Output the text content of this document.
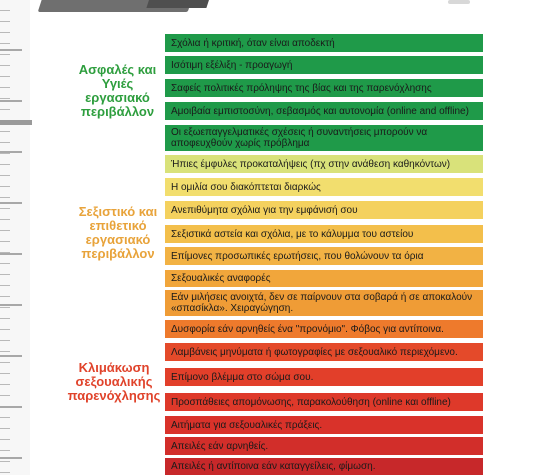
Ασφαλές και
Υγιές
εργασιακό
περιβάλλον
Σεξιστικό και
επιθετικό
εργασιακό
περιβάλλον
Κλιμάκωση
σεξουαλικής
παρενόχλησης
Σχόλια ή κριτική, όταν είναι αποδεκτή
Ισότιμη εξέλιξη - προαγωγή
Σαφείς πολιτικές πρόληψης της βίας και της παρενόχλησης
Αμοιβαία εμπιστοσύνη, σεβασμός και αυτονομία (online and offline)
Οι εξωεπαγγελματικές σχέσεις ή συναντήσεις μπορούν να αποφευχθούν χωρίς πρόβλημα
Ήπιες έμφυλες προκαταλήψεις (πχ στην ανάθεση καθηκόντων)
Η ομιλία σου διακόπτεται διαρκώς
Ανεπιθύμητα σχόλια για την εμφάνισή σου
Σεξιστικά αστεία και σχόλια, με το κάλυμμα του αστείου
Επίμονες προσωπικές ερωτήσεις, που θολώνουν τα όρια
Σεξουαλικές αναφορές
Εάν μιλήσεις ανοιχτά, δεν σε παίρνουν στα σοβαρά ή σε αποκαλούν «σπασίκλα». Χειραγώγηση.
Δυσφορία εάν αρνηθείς ένα "προνόμιο". Φόβος για αντίποινα.
Λαμβάνεις μηνύματα ή φωτογραφίες με σεξουαλικό περιεχόμενο.
Επίμονο βλέμμα στο σώμα σου.
Προσπάθειες απομόνωσης, παρακολούθηση (online και offline)
Αιτήματα για σεξουαλικές πράξεις.
Απειλές εάν αρνηθείς.
Απειλές ή αντίποινα εάν καταγγείλεις, φίμωση.
